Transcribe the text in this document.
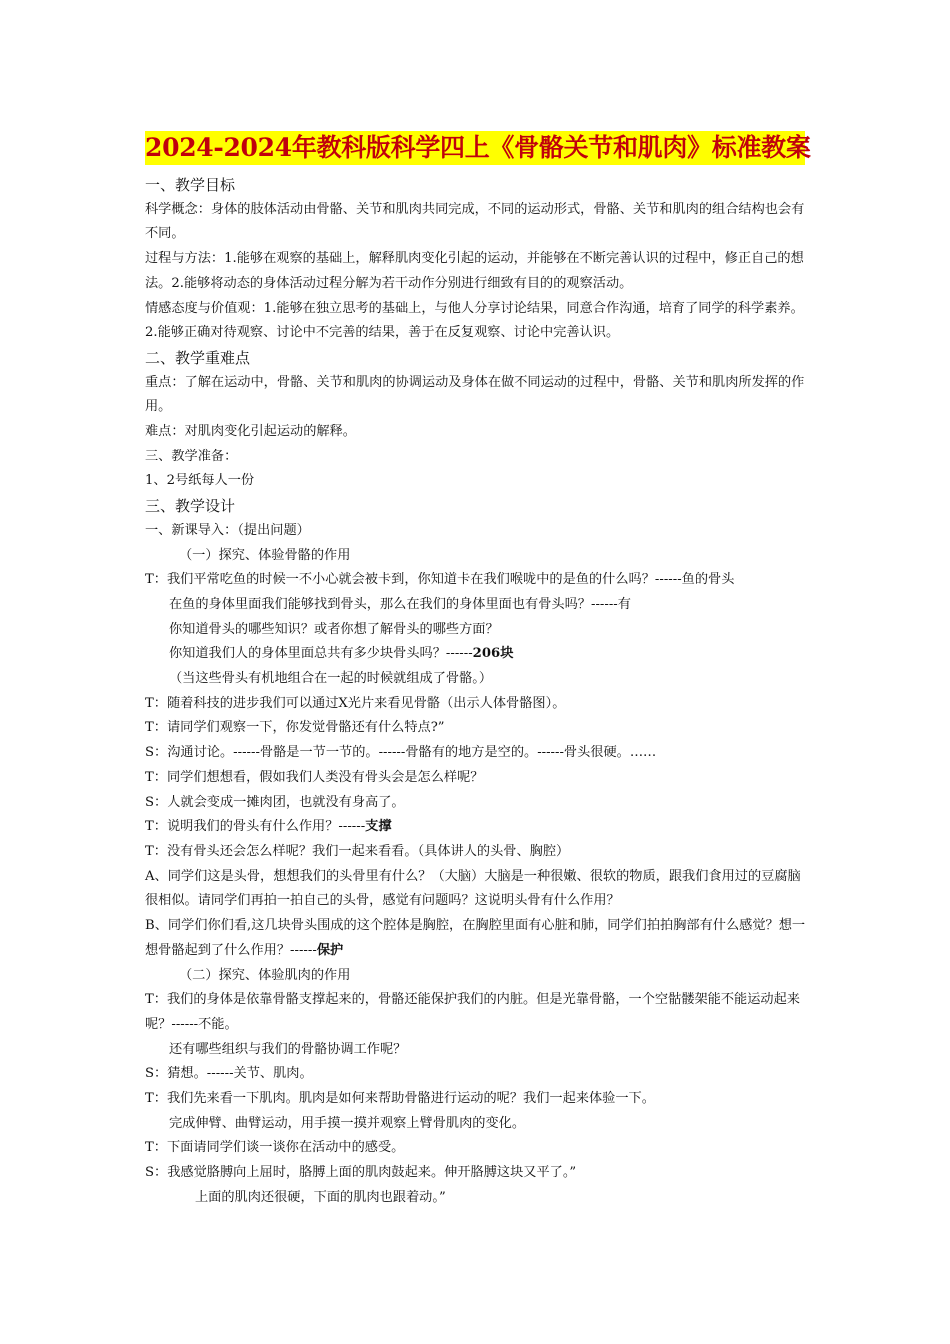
2024-2024年教科版科学四上《骨骼关节和肌肉》标准教案

一、教学目标

科学概念：身体的肢体活动由骨骼、关节和肌肉共同完成，不同的运动形式，骨骼、关节和肌肉的组合结构也会有不同。

过程与方法：1.能够在观察的基础上，解释肌肉变化引起的运动，并能够在不断完善认识的过程中，修正自己的想法。2.能够将动态的身体活动过程分解为若干动作分别进行细致有目的的观察活动。

情感态度与价值观：1.能够在独立思考的基础上，与他人分享讨论结果，同意合作沟通，培育了同学的科学素养。2.能够正确对待观察、讨论中不完善的结果，善于在反复观察、讨论中完善认识。

二、教学重难点

重点：了解在运动中，骨骼、关节和肌肉的协调运动及身体在做不同运动的过程中，骨骼、关节和肌肉所发挥的作用。

难点：对肌肉变化引起运动的解释。

三、教学准备：

1、2号纸每人一份

三、教学设计

一、新课导入：（提出问题）

（一）探究、体验骨骼的作用

T：我们平常吃鱼的时候一不小心就会被卡到，你知道卡在我们喉咙中的是鱼的什么吗？------鱼的骨头

在鱼的身体里面我们能够找到骨头，那么在我们的身体里面也有骨头吗？------有

你知道骨头的哪些知识？或者你想了解骨头的哪些方面？

你知道我们人的身体里面总共有多少块骨头吗？------206块

（当这些骨头有机地组合在一起的时候就组成了骨骼。）

T：随着科技的进步我们可以通过X光片来看见骨骼（出示人体骨骼图）。

T：请同学们观察一下，你发觉骨骼还有什么特点?”

S：沟通讨论。------骨骼是一节一节的。------骨骼有的地方是空的。------骨头很硬。……

T：同学们想想看，假如我们人类没有骨头会是怎么样呢？

S：人就会变成一摊肉团，也就没有身高了。

T：说明我们的骨头有什么作用？------支撑

T：没有骨头还会怎么样呢？我们一起来看看。（具体讲人的头骨、胸腔）

A、同学们这是头骨，想想我们的头骨里有什么？（大脑）大脑是一种很嫩、很软的物质，跟我们食用过的豆腐脑很相似。请同学们再拍一拍自己的头骨，感觉有问题吗？这说明头骨有什么作用？

B、同学们你们看,这几块骨头围成的这个腔体是胸腔，在胸腔里面有心脏和肺，同学们拍拍胸部有什么感觉？想一想骨骼起到了什么作用？------保护

（二）探究、体验肌肉的作用

T：我们的身体是依靠骨骼支撑起来的，骨骼还能保护我们的内脏。但是光靠骨骼，一个空骷髅架能不能运动起来呢？------不能。

还有哪些组织与我们的骨骼协调工作呢？

S：猜想。------关节、肌肉。

T：我们先来看一下肌肉。肌肉是如何来帮助骨骼进行运动的呢？我们一起来体验一下。

完成伸臂、曲臂运动，用手摸一摸并观察上臂骨肌肉的变化。

T：下面请同学们谈一谈你在活动中的感受。

S：我感觉胳膊向上屈时，胳膊上面的肌肉鼓起来。伸开胳膊这块又平了。”

上面的肌肉还很硬，下面的肌肉也跟着动。”
